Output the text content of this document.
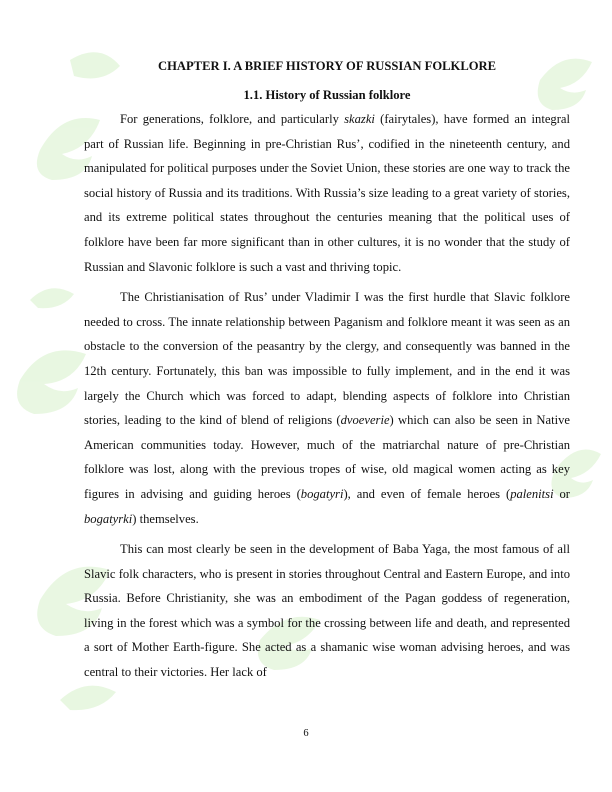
CHAPTER I. A BRIEF HISTORY OF RUSSIAN FOLKLORE
1.1. History of Russian folklore

For generations, folklore, and particularly skazki (fairytales), have formed an integral part of Russian life. Beginning in pre-Christian Rus’, codified in the nineteenth century, and manipulated for political purposes under the Soviet Union, these stories are one way to track the social history of Russia and its traditions. With Russia’s size leading to a great variety of stories, and its extreme political states throughout the centuries meaning that the political uses of folklore have been far more significant than in other cultures, it is no wonder that the study of Russian and Slavonic folklore is such a vast and thriving topic.

The Christianisation of Rus’ under Vladimir I was the first hurdle that Slavic folklore needed to cross. The innate relationship between Paganism and folklore meant it was seen as an obstacle to the conversion of the peasantry by the clergy, and consequently was banned in the 12th century. Fortunately, this ban was impossible to fully implement, and in the end it was largely the Church which was forced to adapt, blending aspects of folklore into Christian stories, leading to the kind of blend of religions (dvoeverie) which can also be seen in Native American communities today. However, much of the matriarchal nature of pre-Christian folklore was lost, along with the previous tropes of wise, old magical women acting as key figures in advising and guiding heroes (bogatyri), and even of female heroes (palenitsi or bogatyrki) themselves.

This can most clearly be seen in the development of Baba Yaga, the most famous of all Slavic folk characters, who is present in stories throughout Central and Eastern Europe, and into Russia. Before Christianity, she was an embodiment of the Pagan goddess of regeneration, living in the forest which was a symbol for the crossing between life and death, and represented a sort of Mother Earth-figure. She acted as a shamanic wise woman advising heroes, and was central to their victories. Her lack of

6
